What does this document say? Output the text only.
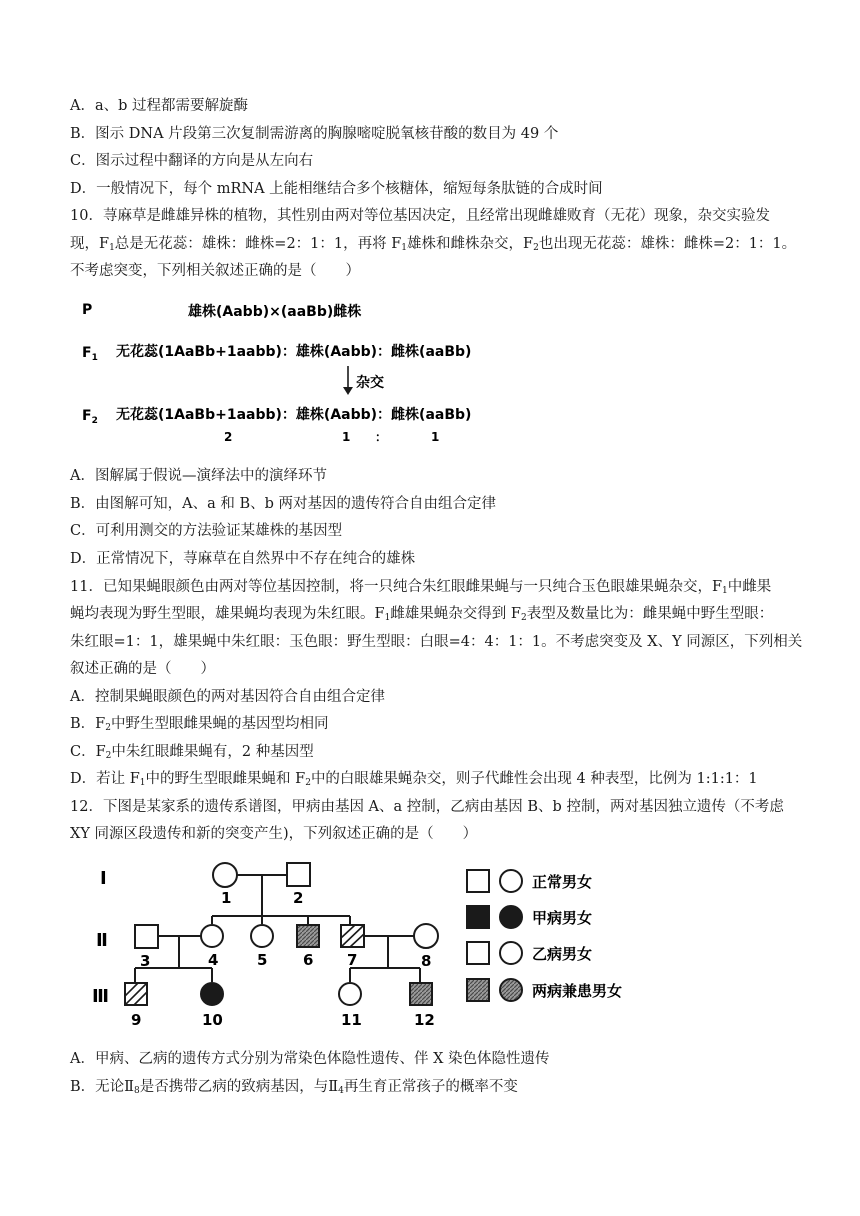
A．a、b 过程都需要解旋酶
B．图示 DNA 片段第三次复制需游离的胸腺嘧啶脱氧核苷酸的数目为 49 个
C．图示过程中翻译的方向是从左向右
D．一般情况下，每个 mRNA 上能相继结合多个核糖体，缩短每条肽链的合成时间
10．荨麻草是雌雄异株的植物，其性别由两对等位基因决定，且经常出现雌雄败育（无花）现象，杂交实验发
现，$F_1$总是无花蕊：雄株：雌株=2：1：1，再将 $F_1$雄株和雌株杂交，$F_2$也出现无花蕊：雄株：雌株=2：1：1。
不考虑突变，下列相关叙述正确的是（　　）
P	雄株(Aabb)×(aaBb)雌株
$F_1$ 无花蕊(1AaBb+1aabb)：雄株(Aabb)：雌株(aaBb)
杂交
$F_2$ 无花蕊(1AaBb+1aabb)：雄株(Aabb)：雌株(aaBb)
2	1 ：	1
A．图解属于假说—演绎法中的演绎环节
B．由图解可知，A、a 和 B、b 两对基因的遗传符合自由组合定律
C．可利用测交的方法验证某雄株的基因型
D．正常情况下，荨麻草在自然界中不存在纯合的雄株
11．已知果蝇眼颜色由两对等位基因控制，将一只纯合朱红眼雌果蝇与一只纯合玉色眼雄果蝇杂交，$F_1$中雌果
蝇均表现为野生型眼，雄果蝇均表现为朱红眼。$F_1$雌雄果蝇杂交得到 $F_2$表型及数量比为：雌果蝇中野生型眼：
朱红眼=1：1，雄果蝇中朱红眼：玉色眼：野生型眼：白眼=4：4：1：1。不考虑突变及 X、Y 同源区，下列相关
叙述正确的是（　　）
A．控制果蝇眼颜色的两对基因符合自由组合定律
B．$F_2$中野生型眼雌果蝇的基因型均相同
C．$F_2$中朱红眼雌果蝇有，2 种基因型
D．若让 $F_1$中的野生型眼雌果蝇和 $F_2$中的白眼雄果蝇杂交，则子代雌性会出现 4 种表型，比例为 1:1:1：1
12．下图是某家系的遗传系谱图，甲病由基因 A、a 控制，乙病由基因 B、b 控制，两对基因独立遗传（不考虑
XY 同源区段遗传和新的突变产生)，下列叙述正确的是（　　）
Ⅰ
Ⅱ
Ⅲ
1	2
3	4	5 6 7	8
9	10	11	12
正常男女
甲病男女
乙病男女
两病兼患男女
A．甲病、乙病的遗传方式分别为常染色体隐性遗传、伴 X 染色体隐性遗传
B．无论$Ⅱ_8$是否携带乙病的致病基因，与$Ⅱ_4$再生育正常孩子的概率不变
